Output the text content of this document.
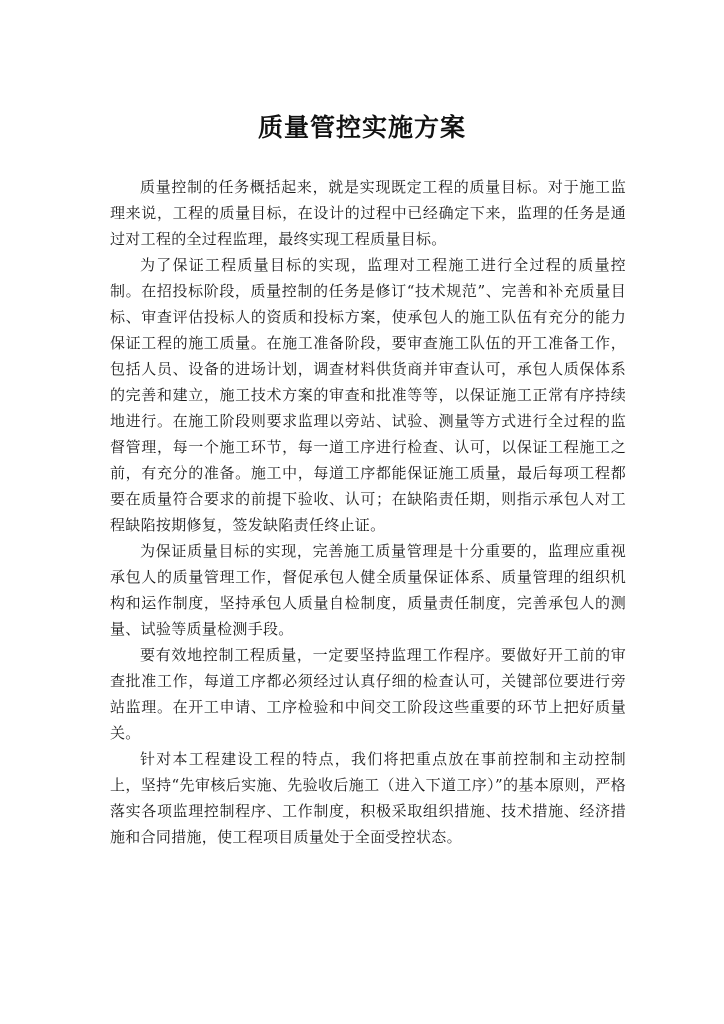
质量管控实施方案

质量控制的任务概括起来，就是实现既定工程的质量目标。对于施工监理来说，工程的质量目标，在设计的过程中已经确定下来，监理的任务是通过对工程的全过程监理，最终实现工程质量目标。

为了保证工程质量目标的实现，监理对工程施工进行全过程的质量控制。在招投标阶段，质量控制的任务是修订“技术规范”、完善和补充质量目标、审查评估投标人的资质和投标方案，使承包人的施工队伍有充分的能力保证工程的施工质量。在施工准备阶段，要审查施工队伍的开工准备工作，包括人员、设备的进场计划，调查材料供货商并审查认可，承包人质保体系的完善和建立，施工技术方案的审查和批准等等，以保证施工正常有序持续地进行。在施工阶段则要求监理以旁站、试验、测量等方式进行全过程的监督管理，每一个施工环节，每一道工序进行检查、认可，以保证工程施工之前，有充分的准备。施工中，每道工序都能保证施工质量，最后每项工程都要在质量符合要求的前提下验收、认可；在缺陷责任期，则指示承包人对工程缺陷按期修复，签发缺陷责任终止证。

为保证质量目标的实现，完善施工质量管理是十分重要的，监理应重视承包人的质量管理工作，督促承包人健全质量保证体系、质量管理的组织机构和运作制度，坚持承包人质量自检制度，质量责任制度，完善承包人的测量、试验等质量检测手段。

要有效地控制工程质量，一定要坚持监理工作程序。要做好开工前的审查批准工作，每道工序都必须经过认真仔细的检查认可，关键部位要进行旁站监理。在开工申请、工序检验和中间交工阶段这些重要的环节上把好质量关。

针对本工程建设工程的特点，我们将把重点放在事前控制和主动控制上，坚持“先审核后实施、先验收后施工（进入下道工序）”的基本原则，严格落实各项监理控制程序、工作制度，积极采取组织措施、技术措施、经济措施和合同措施，使工程项目质量处于全面受控状态。
